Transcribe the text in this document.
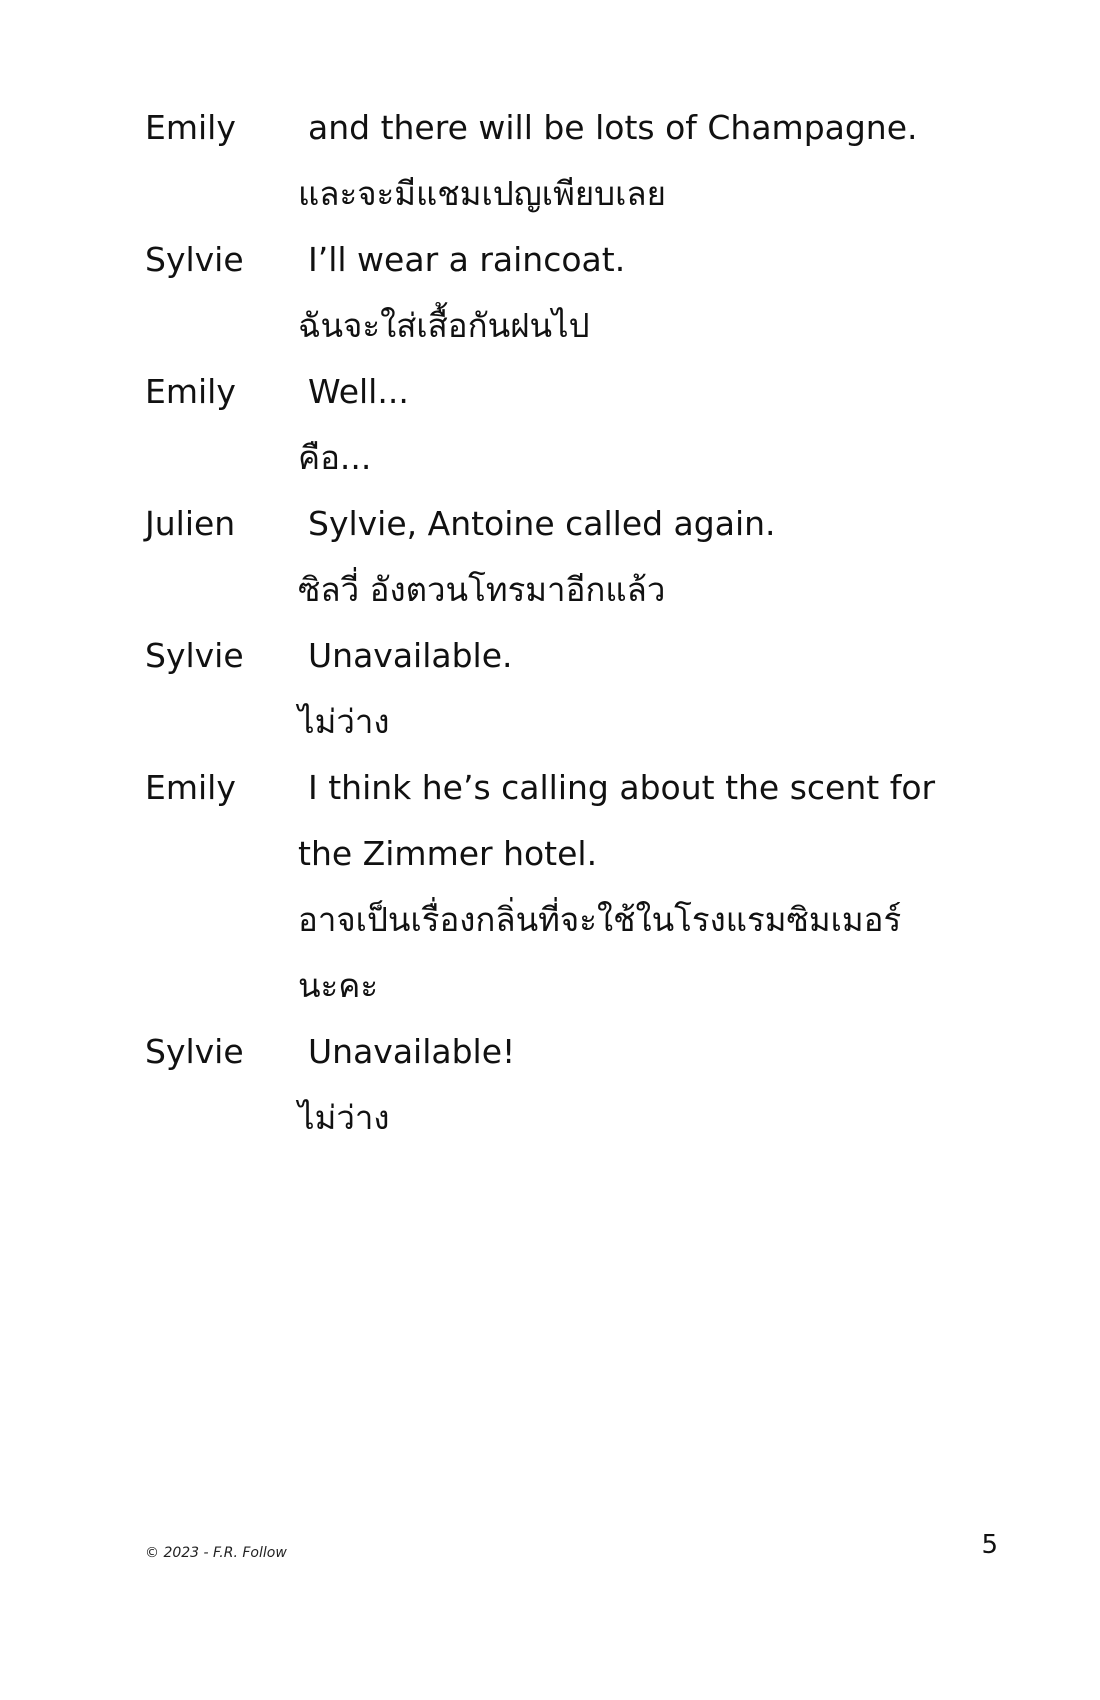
Emily	and there will be lots of Champagne.
และจะมีแชมเปญเพียบเลย
Sylvie	I’ll wear a raincoat.
ฉันจะใส่เสื้อกันฝนไป
Emily	Well...
คือ...
Julien	Sylvie, Antoine called again.
ซิลวี่ อังตวนโทรมาอีกแล้ว
Sylvie	Unavailable.
ไม่ว่าง
Emily	I think he’s calling about the scent for
the Zimmer hotel.
อาจเป็นเรื่องกลิ่นที่จะใช้ในโรงแรมซิมเมอร์
นะคะ
Sylvie	Unavailable!
ไม่ว่าง
© 2023 - F.R. Follow	5
